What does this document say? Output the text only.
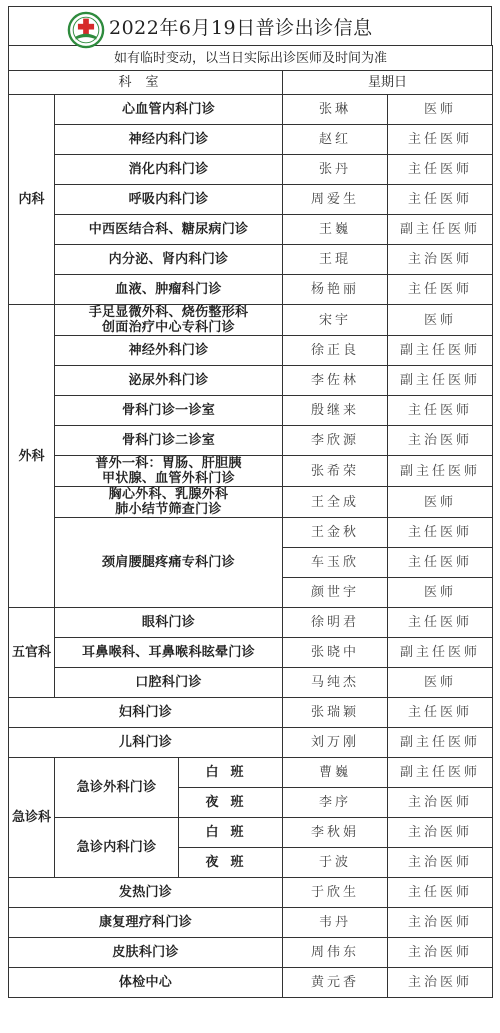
2022年6月19日普诊出诊信息
如有临时变动，以当日实际出诊医师及时间为准				
科室			星期日	
内科	心血管内科门诊		张琳	医师
	神经内科门诊		赵红	主任医师
	消化内科门诊		张丹	主任医师
	呼吸内科门诊		周爱生	主任医师
	中西医结合科、糖尿病门诊		王巍	副主任医师
	内分泌、肾内科门诊		王琨	主治医师
	血液、肿瘤科门诊		杨艳丽	主任医师
外科	手足显微外科、烧伤整形科
创面治疗中心专科门诊		宋宇	医师
	神经外科门诊		徐正良	副主任医师
	泌尿外科门诊		李佐林	副主任医师
	骨科门诊一诊室		殷继来	主任医师
	骨科门诊二诊室		李欣源	主治医师

	普外一科：胃肠、肝胆胰
甲状腺、血管外科门诊		张希荣	副主任医师

	胸心外科、乳腺外科
肺小结节筛查门诊		王全成	医师
	颈肩腰腿疼痛专科门诊		王金秋	主任医师
			车玉欣	主任医师
			颜世宇	医师
五官科	眼科门诊		徐明君	主任医师
	耳鼻喉科、耳鼻喉科眩晕门诊		张晓中	副主任医师
	口腔科门诊		马纯杰	医师
妇科门诊			张瑞颖	主任医师
儿科门诊			刘万刚	副主任医师
急诊科	急诊外科门诊	白班	曹巍	副主任医师
		夜班	李序	主治医师
	急诊内科门诊	白班	李秋娟	主治医师
		夜班	于波	主治医师
发热门诊			于欣生	主任医师
康复理疗科门诊			韦丹	主治医师
皮肤科门诊			周伟东	主治医师
体检中心			黄元香	主治医师
